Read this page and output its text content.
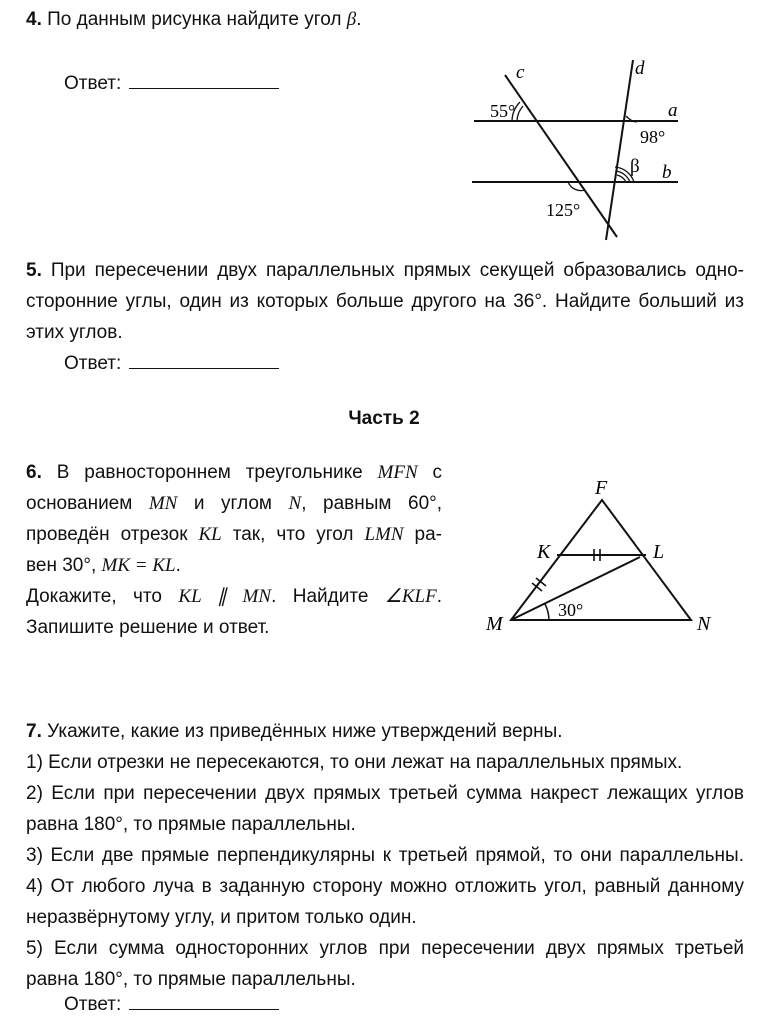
4. По данным рисунка найдите угол β.
Ответ:
c	d
a
b
55°
98°
β
125°
5. При пересечении двух параллельных прямых секущей образовались одно-
сторонние углы, один из которых больше другого на 36°. Найдите больший из
этих углов.
Ответ:
Часть 2
6. В равностороннем треугольнике MFN с
основанием MN и углом N, равным 60°,
проведён отрезок KL так, что угол LMN ра-
вен 30°, MK = KL.
Докажите, что KL ∥ MN. Найдите ∠KLF.
Запишите решение и ответ.
F
K	L
M	N
30°
7. Укажите, какие из приведённых ниже утверждений верны.
1) Если отрезки не пересекаются, то они лежат на параллельных прямых.
2) Если при пересечении двух прямых третьей сумма накрест лежащих углов
равна 180°, то прямые параллельны.
3) Если две прямые перпендикулярны к третьей прямой, то они параллельны.
4) От любого луча в заданную сторону можно отложить угол, равный данному
неразвёрнутому углу, и притом только один.
5) Если сумма односторонних углов при пересечении двух прямых третьей
равна 180°, то прямые параллельны.
Ответ:
